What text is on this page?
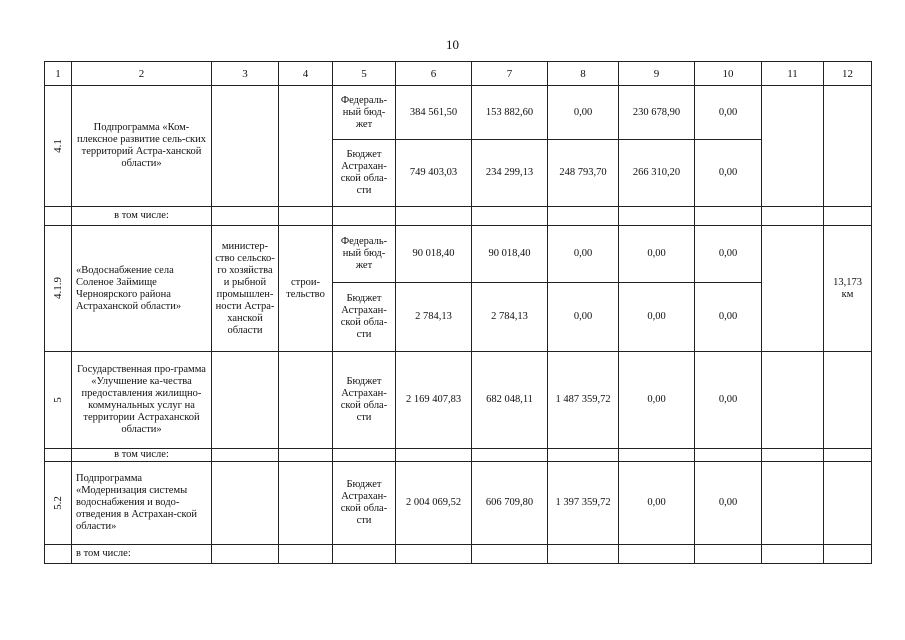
10
1	2	3	4	5	6	7	8	9	10	11	12
4.1	Подпрограмма «Ком-плексное развитие сель-ских территорий Астра-ханской области»			Федераль-ный бюд-жет	384 561,50	153 882,60	0,00	230 678,90	0,00		
				Бюджет Астрахан-ской обла-сти	749 403,03	234 299,13	248 793,70	266 310,20	0,00		
	в том числе:										
4.1.9	«Водоснабжение села Соленое Займище Черноярского района Астраханской области»	министер-ство сельско-го хозяйства и рыбной промышлен-ности Астра-ханской области	строи-тельство	Федераль-ный бюд-жет	90 018,40	90 018,40	0,00	0,00	0,00		13,173 км
				Бюджет Астрахан-ской обла-сти	2 784,13	2 784,13	0,00	0,00	0,00		
5	Государственная про-грамма «Улучшение ка-чества предоставления жилищно-коммунальных услуг на территории Астраханской области»			Бюджет Астрахан-ской обла-сти	2 169 407,83	682 048,11	1 487 359,72	0,00	0,00		
	в том числе:										
5.2	Подпрограмма «Модернизация системы водоснабжения и водо-отведения в Астрахан-ской области»			Бюджет Астрахан-ской обла-сти	2 004 069,52	606 709,80	1 397 359,72	0,00	0,00		
	в том числе:										
